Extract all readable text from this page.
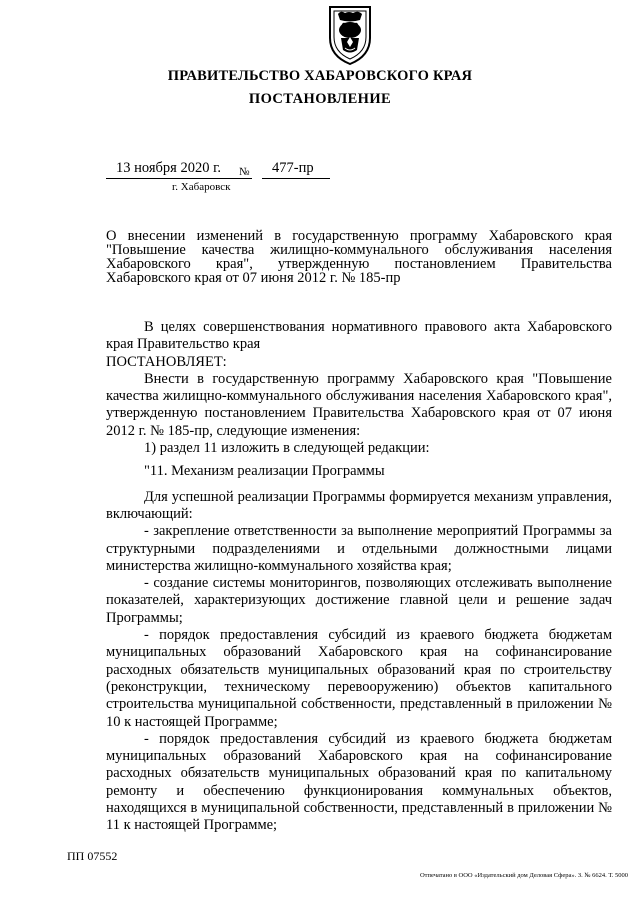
ПРАВИТЕЛЬСТВО ХАБАРОВСКОГО КРАЯ
ПОСТАНОВЛЕНИЕ
13 ноября 2020 г. № 477-пр
г. Хабаровск

О внесении изменений в государственную программу Хабаровского края "Повышение качества жилищно-коммунального обслуживания населения Хабаровского края", утвержденную постановлением Правительства Хабаровского края от 07 июня 2012 г. № 185-пр

В целях совершенствования нормативного правового акта Хабаровского края Правительство края

ПОСТАНОВЛЯЕТ:

Внести в государственную программу Хабаровского края "Повышение качества жилищно-коммунального обслуживания населения Хабаровского края", утвержденную постановлением Правительства Хабаровского края от 07 июня 2012 г. № 185-пр, следующие изменения:

1) раздел 11 изложить в следующей редакции:

"11. Механизм реализации Программы

Для успешной реализации Программы формируется механизм управления, включающий:

- закрепление ответственности за выполнение мероприятий Программы за структурными подразделениями и отдельными должностными лицами министерства жилищно-коммунального хозяйства края;

- создание системы мониторингов, позволяющих отслеживать выполнение показателей, характеризующих достижение главной цели и решение задач Программы;

- порядок предоставления субсидий из краевого бюджета бюджетам муниципальных образований Хабаровского края на софинансирование расходных обязательств муниципальных образований края по строительству (реконструкции, техническому перевооружению) объектов капитального строительства муниципальной собственности, представленный в приложении № 10 к настоящей Программе;

- порядок предоставления субсидий из краевого бюджета бюджетам муниципальных образований Хабаровского края на софинансирование расходных обязательств муниципальных образований края по капитальному ремонту и обеспечению функционирования коммунальных объектов, находящихся в муниципальной собственности, представленный в приложении № 11 к настоящей Программе;

ПП 07552
Отпечатано в ООО «Издательский дом Деловая Сфера». З. № 6624. Т. 5000
